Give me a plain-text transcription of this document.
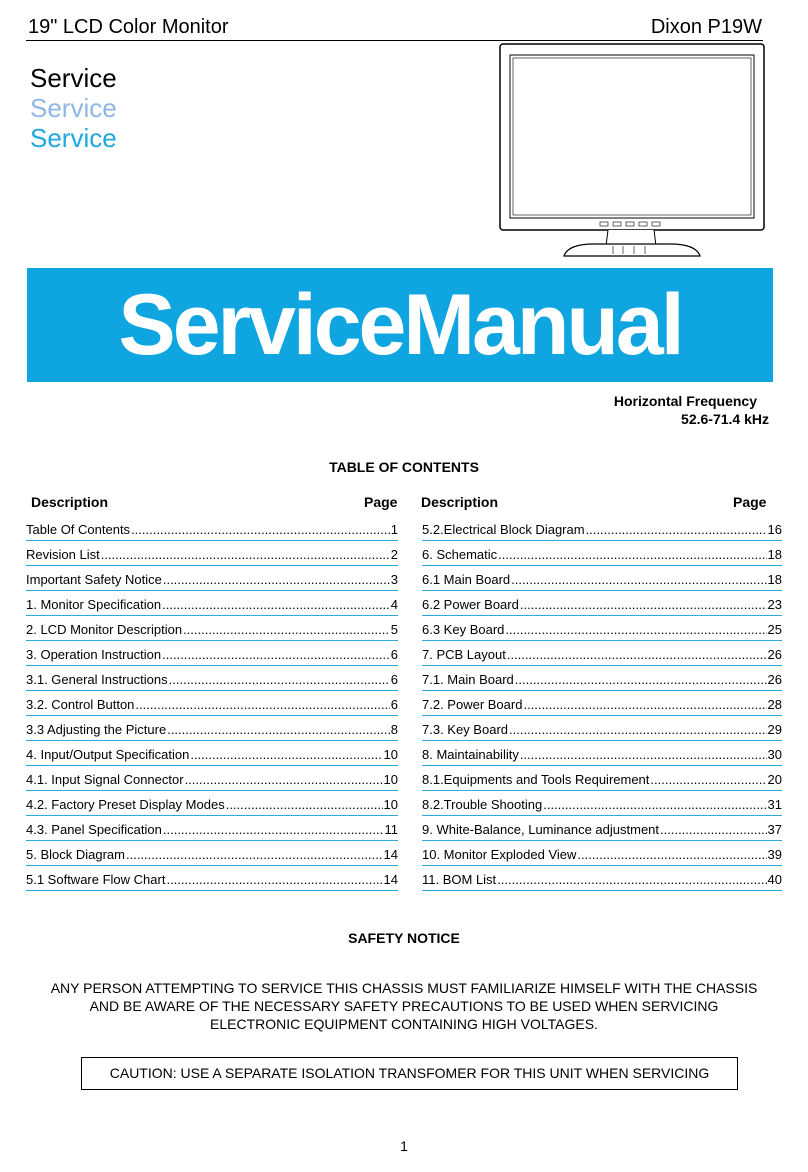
19" LCD Color Monitor	Dixon P19W
Service
Service
Service
ServiceManual
Horizontal Frequency
52.6-71.4 kHz
TABLE OF CONTENTS
Description	Page Description	Page
Table Of Contents .....	1
Revision List .....	2
Important Safety Notice .....	3
1. Monitor Specification .....	4
2. LCD Monitor Description .....	5
3. Operation Instruction .....	6
3.1. General Instructions .....	6
3.2. Control Button .....	6
3.3 Adjusting the Picture .....	8
4. Input/Output Specification .....	10
4.1. Input Signal Connector .....	10
4.2. Factory Preset Display Modes .....	10
4.3. Panel Specification .....	11
5. Block Diagram .....	14
5.1 Software Flow Chart .....	14
5.2.Electrical Block Diagram .....	16
6. Schematic .....	18
6.1 Main Board .....	18
6.2 Power Board .....	23
6.3 Key Board .....	25
7. PCB Layout .....	26
7.1. Main Board .....	26
7.2. Power Board .....	28
7.3. Key Board .....	29
8. Maintainability .....	30
8.1.Equipments and Tools Requirement .....	20
8.2.Trouble Shooting .....	31
9. White-Balance, Luminance adjustment .....	37
10. Monitor Exploded View .....	39
11. BOM List .....	40
SAFETY NOTICE
ANY PERSON ATTEMPTING TO SERVICE THIS CHASSIS MUST FAMILIARIZE HIMSELF WITH THE CHASSIS
AND BE AWARE OF THE NECESSARY SAFETY PRECAUTIONS TO BE USED WHEN SERVICING
ELECTRONIC EQUIPMENT CONTAINING HIGH VOLTAGES.
CAUTION: USE A SEPARATE ISOLATION TRANSFOMER FOR THIS UNIT WHEN SERVICING
1
